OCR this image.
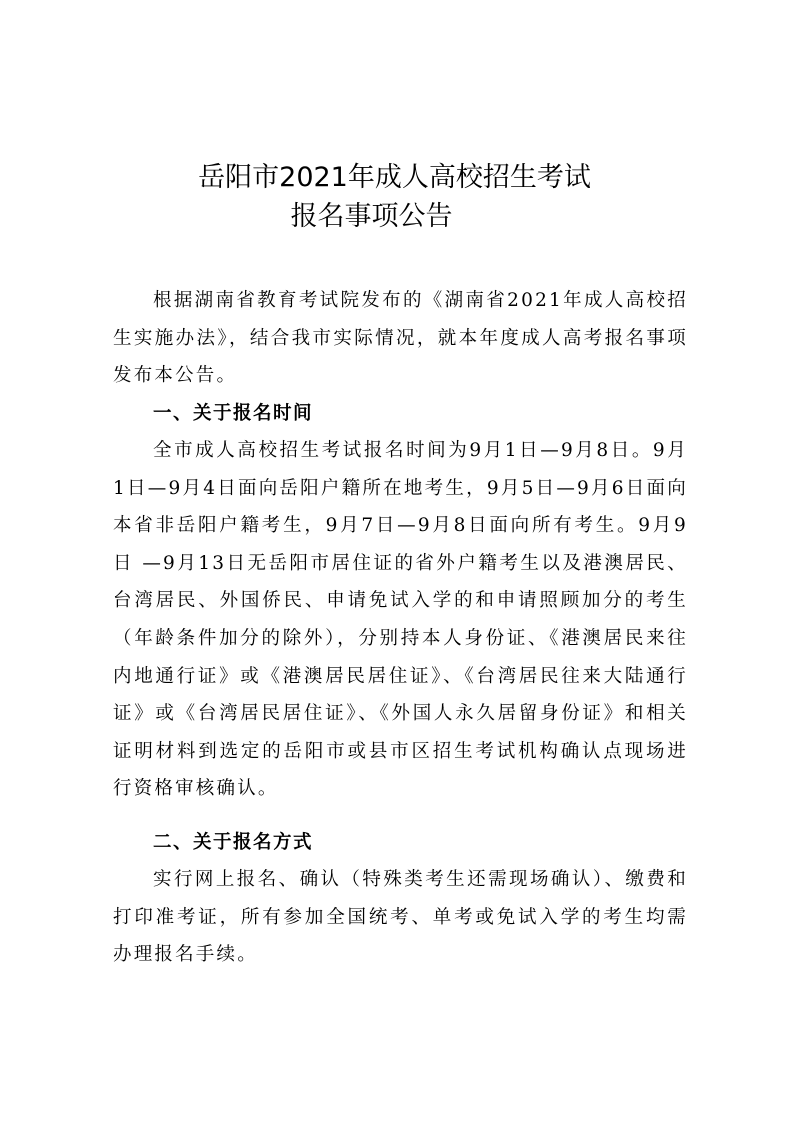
岳阳市2021年成人高校招生考试
报名事项公告

根据湖南省教育考试院发布的《湖南省2021年成人高校招生实施办法》，结合我市实际情况，就本年度成人高考报名事项发布本公告。

一、关于报名时间

全市成人高校招生考试报名时间为9月1日—9月8日。9月1日—9月4日面向岳阳户籍所在地考生，9月5日—9月6日面向本省非岳阳户籍考生，9月7日—9月8日面向所有考生。9月9日 —9月13日无岳阳市居住证的省外户籍考生以及港澳居民、台湾居民、外国侨民、申请免试入学的和申请照顾加分的考生（年龄条件加分的除外），分别持本人身份证、《港澳居民来往内地通行证》或《港澳居民居住证》、《台湾居民往来大陆通行证》或《台湾居民居住证》、《外国人永久居留身份证》和相关证明材料到选定的岳阳市或县市区招生考试机构确认点现场进行资格审核确认。

二、关于报名方式

实行网上报名、确认（特殊类考生还需现场确认）、缴费和打印准考证，所有参加全国统考、单考或免试入学的考生均需办理报名手续。
